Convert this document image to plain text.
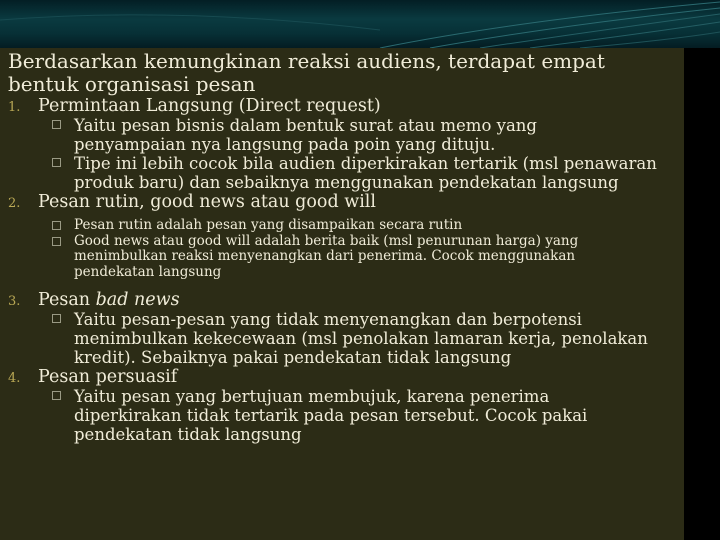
Berdasarkan kemungkinan reaksi audiens, terdapat empat

bentuk organisasi pesan

1. Permintaan Langsung (Direct request)
Yaitu pesan bisnis dalam bentuk surat atau memo yang
penyampaian nya langsung pada poin yang dituju.
Tipe ini lebih cocok bila audien diperkirakan tertarik (msl penawaran
produk baru) dan sebaiknya menggunakan pendekatan langsung
2. Pesan rutin, good news atau good will
Pesan rutin adalah pesan yang disampaikan secara rutin
Good news atau good will adalah berita baik (msl penurunan harga) yang
menimbulkan reaksi menyenangkan dari penerima. Cocok menggunakan
pendekatan langsung
3. Pesan bad news
Yaitu pesan-pesan yang tidak menyenangkan dan berpotensi
menimbulkan kekecewaan (msl penolakan lamaran kerja, penolakan
kredit). Sebaiknya pakai pendekatan tidak langsung
4. Pesan persuasif
Yaitu pesan yang bertujuan membujuk, karena penerima
diperkirakan tidak tertarik pada pesan tersebut. Cocok pakai
pendekatan tidak langsung
